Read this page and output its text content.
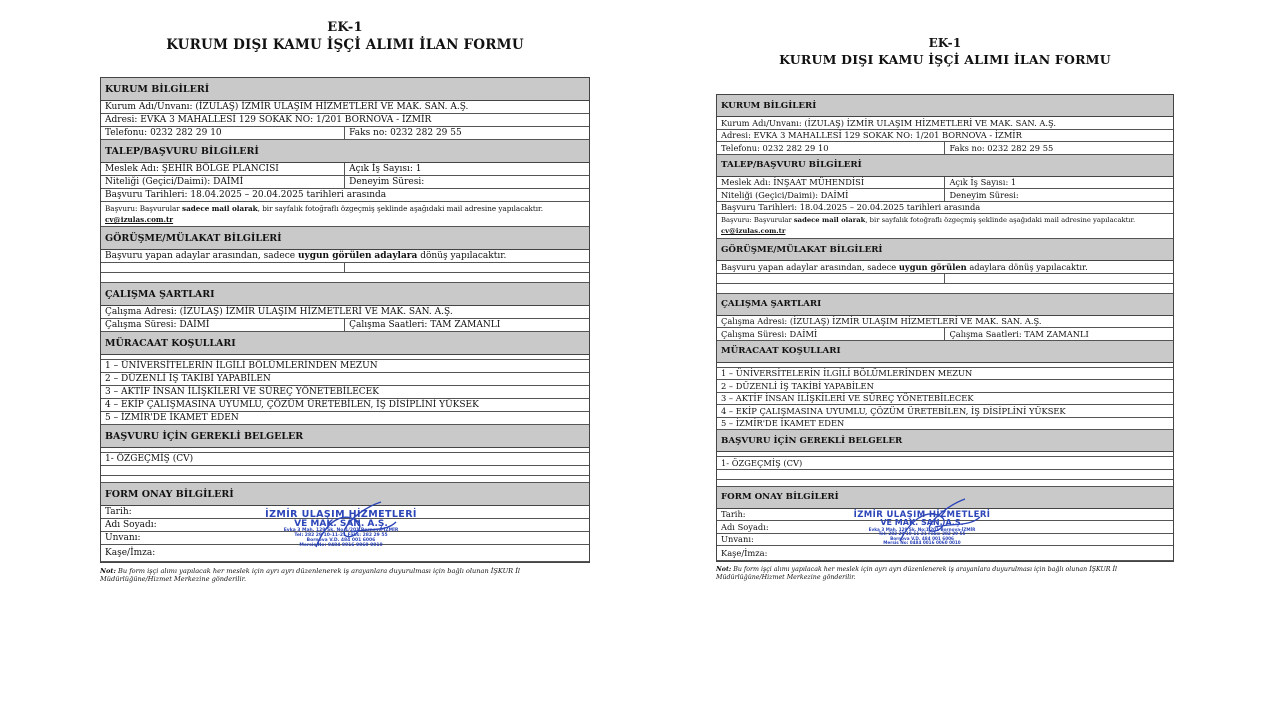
EK-1
KURUM DIŞI KAMU İŞÇİ ALIMI İLAN FORMU
KURUM BİLGİLERİ
Kurum Adı/Unvanı: (İZULAŞ) İZMİR ULAŞIM HİZMETLERİ VE MAK. SAN. A.Ş.
Adresi: EVKA 3 MAHALLESİ 129 SOKAK NO: 1/201 BORNOVA - İZMİR
Telefonu: 0232 282 29 10	Faks no: 0232 282 29 55
TALEP/BAŞVURU BİLGİLERİ
Meslek Adı: ŞEHİR BÖLGE PLANCISI	Açık İş Sayısı: 1
Niteliği (Geçici/Daimi): DAİMİ	Deneyim Süresi:
Başvuru Tarihleri: 18.04.2025 – 20.04.2025 tarihleri arasında
Başvuru: Başvurular sadece mail olarak, bir sayfalık fotoğraflı özgeçmiş şeklinde aşağıdaki mail adresine yapılacaktır. cv@izulas.com.tr
GÖRÜŞME/MÜLAKAT BİLGİLERİ
Başvuru yapan adaylar arasından, sadece uygun görülen adaylara dönüş yapılacaktır.
ÇALIŞMA ŞARTLARI
Çalışma Adresi: (İZULAŞ) İZMİR ULAŞIM HİZMETLERİ VE MAK. SAN. A.Ş.
Çalışma Süresi: DAİMİ	Çalışma Saatleri: TAM ZAMANLI
MÜRACAAT KOŞULLARI
1 – ÜNİVERSİTELERİN İLGİLİ BÖLÜMLERİNDEN MEZUN
2 – DÜZENLİ İŞ TAKİBİ YAPABİLEN
3 – AKTİF İNSAN İLİŞKİLERİ VE SÜREÇ YÖNETEBİLECEK
4 – EKİP ÇALIŞMASINA UYUMLU, ÇÖZÜM ÜRETEBİLEN, İŞ DİSİPLİNİ YÜKSEK
5 – İZMİR'DE İKAMET EDEN
BAŞVURU İÇİN GEREKLİ BELGELER
1- ÖZGEÇMİŞ (CV)
FORM ONAY BİLGİLERİ
Tarih:
Adı Soyadı:
Unvanı:
Kaşe/İmza:
İZMİR ULAŞIM HİZMETLERİ
VE MAK. SAN. A.Ş.
Evka 3 Mah. 129 Sk. No:1/201 Bornova-İZMİR
Tel: 282 29 10-11-21 Faks: 282 29 55
Bornova V.D. 484 001 6006
Mersis No: 0484 0016 0060 0010
Not: Bu form işçi alımı yapılacak her meslek için ayrı ayrı düzenlenerek iş arayanlara duyurulması için bağlı olunan İŞKUR İl Müdürlüğüne/Hizmet Merkezine gönderilir.
EK-1
KURUM DIŞI KAMU İŞÇİ ALIMI İLAN FORMU
KURUM BİLGİLERİ
Kurum Adı/Unvanı: (İZULAŞ) İZMİR ULAŞIM HİZMETLERİ VE MAK. SAN. A.Ş.
Adresi: EVKA 3 MAHALLESİ 129 SOKAK NO: 1/201 BORNOVA - İZMİR
Telefonu: 0232 282 29 10	Faks no: 0232 282 29 55
TALEP/BAŞVURU BİLGİLERİ
Meslek Adı: İNŞAAT MÜHENDİSİ	Açık İş Sayısı: 1
Niteliği (Geçici/Daimi): DAİMİ	Deneyim Süresi:
Başvuru Tarihleri: 18.04.2025 – 20.04.2025 tarihleri arasında
Başvuru: Başvurular sadece mail olarak, bir sayfalık fotoğraflı özgeçmiş şeklinde aşağıdaki mail adresine yapılacaktır. cv@izulas.com.tr
GÖRÜŞME/MÜLAKAT BİLGİLERİ
Başvuru yapan adaylar arasından, sadece uygun görülen adaylara dönüş yapılacaktır.
ÇALIŞMA ŞARTLARI
Çalışma Adresi: (İZULAŞ) İZMİR ULAŞIM HİZMETLERİ VE MAK. SAN. A.Ş.
Çalışma Süresi: DAİMİ	Çalışma Saatleri: TAM ZAMANLI
MÜRACAAT KOŞULLARI
1 – ÜNİVERSİTELERİN İLGİLİ BÖLÜMLERİNDEN MEZUN
2 – DÜZENLİ İŞ TAKİBİ YAPABİLEN
3 – AKTİF İNSAN İLİŞKİLERİ VE SÜREÇ YÖNETEBİLECEK
4 – EKİP ÇALIŞMASINA UYUMLU, ÇÖZÜM ÜRETEBİLEN, İŞ DİSİPLİNİ YÜKSEK
5 – İZMİR'DE İKAMET EDEN
BAŞVURU İÇİN GEREKLİ BELGELER
1- ÖZGEÇMİŞ (CV)
FORM ONAY BİLGİLERİ
Tarih:
Adı Soyadı:
Unvanı:
Kaşe/İmza:
İZMİR ULAŞIM HİZMETLERİ
VE MAK. SAN. A.Ş.
Evka 3 Mah. 129 Sk. No:1/201 Bornova-İZMİR
Tel: 282 29 10-11-21 Faks: 282 29 55
Bornova V.D. 484 001 6006
Mersis No: 0484 0016 0060 0010
Not: Bu form işçi alımı yapılacak her meslek için ayrı ayrı düzenlenerek iş arayanlara duyurulması için bağlı olunan İŞKUR İl Müdürlüğüne/Hizmet Merkezine gönderilir.
